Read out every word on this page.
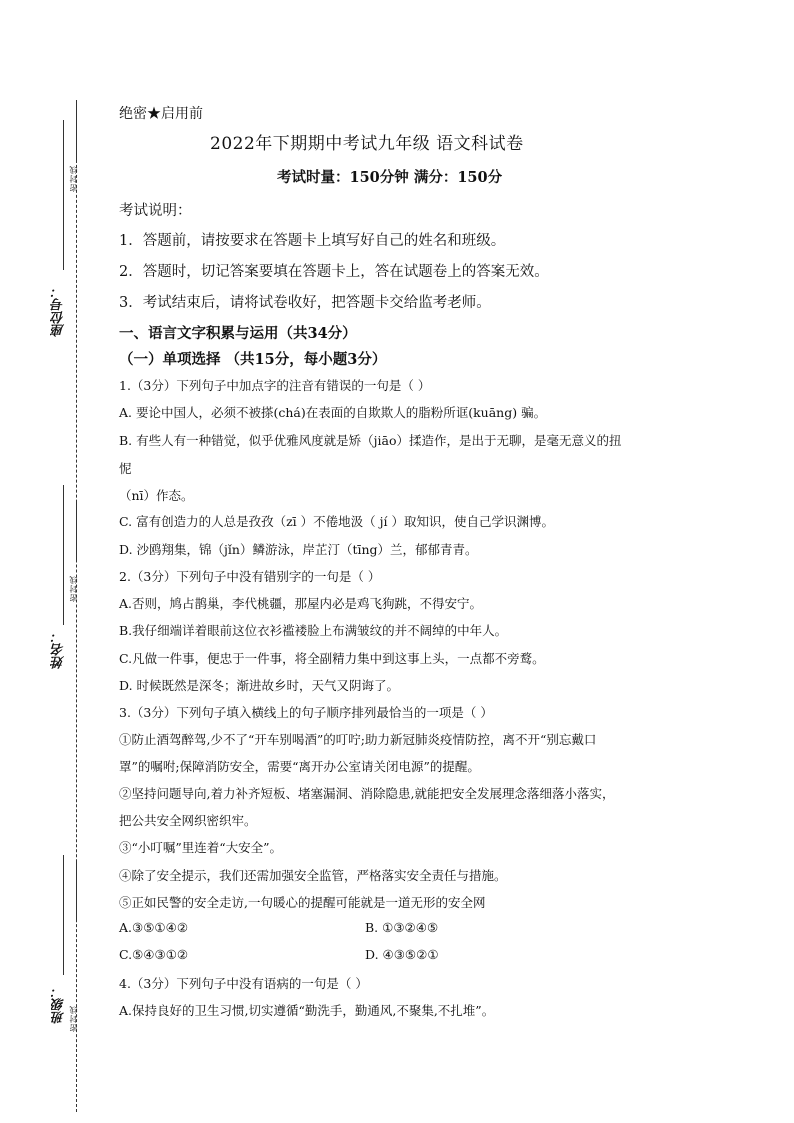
密封线
密封线
密封线
座位号：
姓名：
班级：
绝密★启用前
2022年下期期中考试九年级 语文科试卷
考试时量：150分钟 满分：150分
考试说明：
1．答题前，请按要求在答题卡上填写好自己的姓名和班级。
2．答题时，切记答案要填在答题卡上，答在试题卷上的答案无效。
3．考试结束后，请将试卷收好，把答题卡交给监考老师。
一、语言文字积累与运用（共34分）
（一）单项选择 （共15分，每小题3分）
1.（3分）下列句子中加点字的注音有错误的一句是（ ）
A. 要论中国人，必须不被搽(chá)在表面的自欺欺人的脂粉所诓(kuāng) 骗。
B. 有些人有一种错觉，似乎优雅风度就是矫（jiāo）揉造作，是出于无聊，是毫无意义的扭
怩
（nī）作态。
C. 富有创造力的人总是孜孜（zī ）不倦地汲（ jí ）取知识，使自己学识渊博。
D. 沙鸥翔集，锦（jǐn）鳞游泳，岸芷汀（tīng）兰，郁郁青青。
2.（3分）下列句子中没有错别字的一句是（ ）
A.否则，鸠占鹊巢，李代桃疆，那屋内必是鸡飞狗跳，不得安宁。
B.我仔细端详着眼前这位衣衫褴褛脸上布满皱纹的并不阔绰的中年人。
C.凡做一件事，便忠于一件事，将全副精力集中到这事上头，一点都不旁鹜。
D. 时候既然是深冬；渐进故乡时，天气又阴诲了。
3.（3分）下列句子填入横线上的句子顺序排列最恰当的一项是（ ）
①防止酒驾醉驾,少不了“开车别喝酒”的叮咛;助力新冠肺炎疫情防控，离不开“别忘戴口
罩”的嘱咐;保障消防安全，需要“离开办公室请关闭电源”的提醒。
②坚持问题导向,着力补齐短板、堵塞漏洞、消除隐患,就能把安全发展理念落细落小落实，
把公共安全网织密织牢。
③“小叮嘱”里连着“大安全”。
④除了安全提示，我们还需加强安全监管，严格落实安全责任与措施。
⑤正如民警的安全走访,一句暖心的提醒可能就是一道无形的安全网
A.③⑤①④②	B. ①③②④⑤
C.⑤④③①②	D. ④③⑤②①
4.（3分）下列句子中没有语病的一句是（ ）
A.保持良好的卫生习惯,切实遵循“勤洗手，勤通风,不聚集,不扎堆”。
